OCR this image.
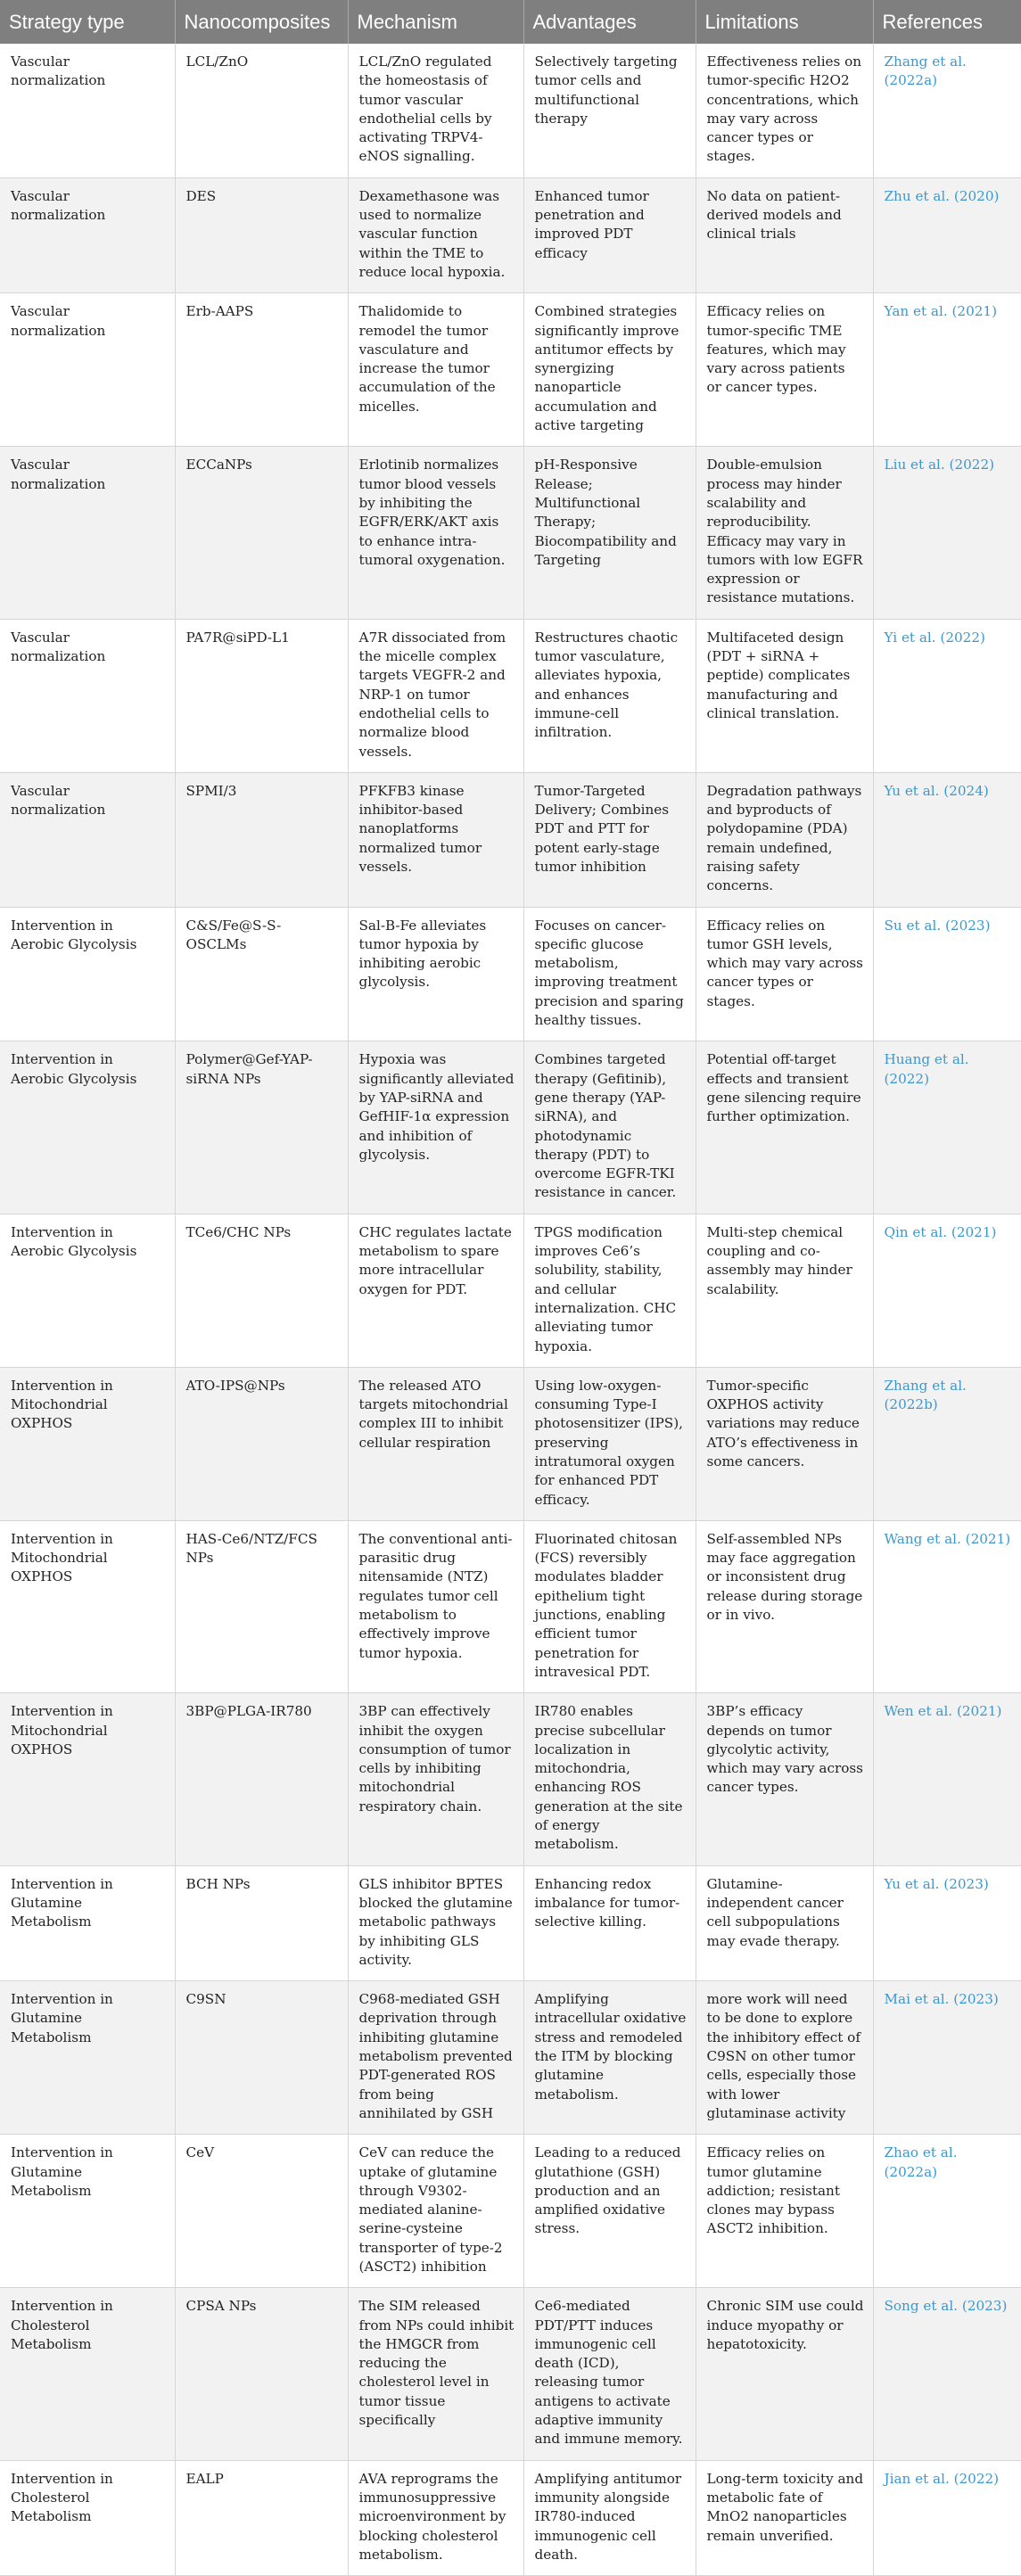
Strategy type	Nanocomposites	Mechanism	Advantages	Limitations	References
Vascular normalization	LCL/ZnO	LCL/ZnO regulated the homeostasis of tumor vascular endothelial cells by activating TRPV4-eNOS signalling.	Selectively targeting tumor cells and multifunctional therapy	Effectiveness relies on tumor-specific H2O2 concentrations, which may vary across cancer types or stages.	Zhang et al. (2022a)
Vascular normalization	DES	Dexamethasone was used to normalize vascular function within the TME to reduce local hypoxia.	Enhanced tumor penetration and improved PDT efficacy	No data on patient-derived models and clinical trials	Zhu et al. (2020)
Vascular normalization	Erb-AAPS	Thalidomide to remodel the tumor vasculature and increase the tumor accumulation of the micelles.	Combined strategies significantly improve antitumor effects by synergizing nanoparticle accumulation and active targeting	Efficacy relies on tumor-specific TME features, which may vary across patients or cancer types.	Yan et al. (2021)
Vascular normalization	ECCaNPs	Erlotinib normalizes tumor blood vessels by inhibiting the EGFR/ERK/AKT axis to enhance intra-tumoral oxygenation.	pH-Responsive Release; Multifunctional Therapy; Biocompatibility and Targeting	Double-emulsion process may hinder scalability and reproducibility. Efficacy may vary in tumors with low EGFR expression or resistance mutations.	Liu et al. (2022)
Vascular normalization	PA7R@siPD-L1	A7R dissociated from the micelle complex targets VEGFR-2 and NRP-1 on tumor endothelial cells to normalize blood vessels.	Restructures chaotic tumor vasculature, alleviates hypoxia, and enhances immune-cell infiltration.	Multifaceted design (PDT + siRNA + peptide) complicates manufacturing and clinical translation.	Yi et al. (2022)
Vascular normalization	SPMI/3	PFKFB3 kinase inhibitor-based nanoplatforms normalized tumor vessels.	Tumor-Targeted Delivery; Combines PDT and PTT for potent early-stage tumor inhibition	Degradation pathways and byproducts of polydopamine (PDA) remain undefined, raising safety concerns.	Yu et al. (2024)
Intervention in Aerobic Glycolysis	C&S/Fe@S-S-OSCLMs	Sal-B-Fe alleviates tumor hypoxia by inhibiting aerobic glycolysis.	Focuses on cancer-specific glucose metabolism, improving treatment precision and sparing healthy tissues.	Efficacy relies on tumor GSH levels, which may vary across cancer types or stages.	Su et al. (2023)
Intervention in Aerobic Glycolysis	Polymer@Gef-YAP-siRNA NPs	Hypoxia was significantly alleviated by YAP-siRNA and GefHIF-1α expression and inhibition of glycolysis.	Combines targeted therapy (Gefitinib), gene therapy (YAP-siRNA), and photodynamic therapy (PDT) to overcome EGFR-TKI resistance in cancer.	Potential off-target effects and transient gene silencing require further optimization.	Huang et al. (2022)
Intervention in Aerobic Glycolysis	TCe6/CHC NPs	CHC regulates lactate metabolism to spare more intracellular oxygen for PDT.	TPGS modification improves Ce6’s solubility, stability, and cellular internalization. CHC alleviating tumor hypoxia.	Multi-step chemical coupling and co-assembly may hinder scalability.	Qin et al. (2021)
Intervention in Mitochondrial OXPHOS	ATO-IPS@NPs	The released ATO targets mitochondrial complex III to inhibit cellular respiration	Using low-oxygen-consuming Type-I photosensitizer (IPS), preserving intratumoral oxygen for enhanced PDT efficacy.	Tumor-specific OXPHOS activity variations may reduce ATO’s effectiveness in some cancers.	Zhang et al. (2022b)
Intervention in Mitochondrial OXPHOS	HAS-Ce6/NTZ/FCS NPs	The conventional anti-parasitic drug nitensamide (NTZ) regulates tumor cell metabolism to effectively improve tumor hypoxia.	Fluorinated chitosan (FCS) reversibly modulates bladder epithelium tight junctions, enabling efficient tumor penetration for intravesical PDT.	Self-assembled NPs may face aggregation or inconsistent drug release during storage or in vivo.	Wang et al. (2021)
Intervention in Mitochondrial OXPHOS	3BP@PLGA-IR780	3BP can effectively inhibit the oxygen consumption of tumor cells by inhibiting mitochondrial respiratory chain.	IR780 enables precise subcellular localization in mitochondria, enhancing ROS generation at the site of energy metabolism.	3BP’s efficacy depends on tumor glycolytic activity, which may vary across cancer types.	Wen et al. (2021)
Intervention in Glutamine Metabolism	BCH NPs	GLS inhibitor BPTES blocked the glutamine metabolic pathways by inhibiting GLS activity.	Enhancing redox imbalance for tumor-selective killing.	Glutamine-independent cancer cell subpopulations may evade therapy.	Yu et al. (2023)
Intervention in Glutamine Metabolism	C9SN	C968-mediated GSH deprivation through inhibiting glutamine metabolism prevented PDT-generated ROS from being annihilated by GSH	Amplifying intracellular oxidative stress and remodeled the ITM by blocking glutamine metabolism.	more work will need to be done to explore the inhibitory effect of C9SN on other tumor cells, especially those with lower glutaminase activity	Mai et al. (2023)
Intervention in Glutamine Metabolism	CeV	CeV can reduce the uptake of glutamine through V9302-mediated alanine-serine-cysteine transporter of type-2 (ASCT2) inhibition	Leading to a reduced glutathione (GSH) production and an amplified oxidative stress.	Efficacy relies on tumor glutamine addiction; resistant clones may bypass ASCT2 inhibition.	Zhao et al. (2022a)
Intervention in Cholesterol Metabolism	CPSA NPs	The SIM released from NPs could inhibit the HMGCR from reducing the cholesterol level in tumor tissue specifically	Ce6-mediated PDT/PTT induces immunogenic cell death (ICD), releasing tumor antigens to activate adaptive immunity and immune memory.	Chronic SIM use could induce myopathy or hepatotoxicity.	Song et al. (2023)
Intervention in Cholesterol Metabolism	EALP	AVA reprograms the immunosuppressive microenvironment by blocking cholesterol metabolism.	Amplifying antitumor immunity alongside IR780-induced immunogenic cell death.	Long-term toxicity and metabolic fate of MnO2 nanoparticles remain unverified.	Jian et al. (2022)
